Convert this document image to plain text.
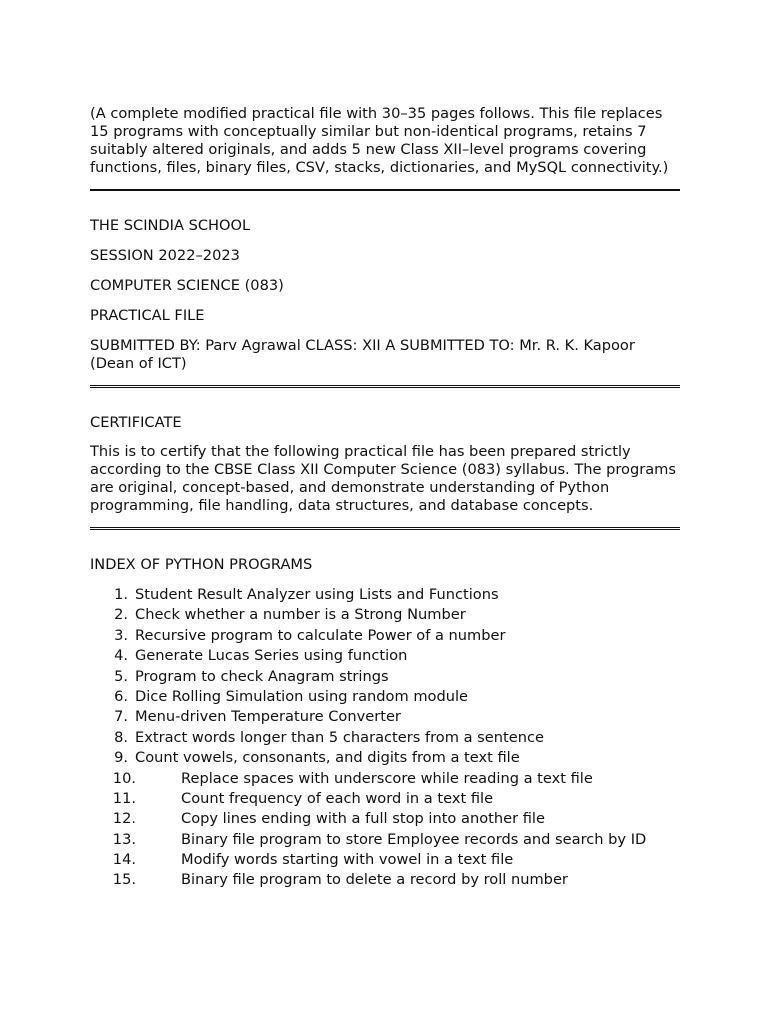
(A complete modified practical file with 30–35 pages follows. This file replaces 15 programs with conceptually similar but non-identical programs, retains 7 suitably altered originals, and adds 5 new Class XII–level programs covering functions, files, binary files, CSV, stacks, dictionaries, and MySQL connectivity.)

THE SCINDIA SCHOOL

SESSION 2022–2023

COMPUTER SCIENCE (083)

PRACTICAL FILE

SUBMITTED BY: Parv Agrawal CLASS: XII A SUBMITTED TO: Mr. R. K. Kapoor (Dean of ICT)

CERTIFICATE

This is to certify that the following practical file has been prepared strictly according to the CBSE Class XII Computer Science (083) syllabus. The programs are original, concept-based, and demonstrate understanding of Python programming, file handling, data structures, and database concepts.

INDEX OF PYTHON PROGRAMS

1. Student Result Analyzer using Lists and Functions
2. Check whether a number is a Strong Number
3. Recursive program to calculate Power of a number
4. Generate Lucas Series using function
5. Program to check Anagram strings
6. Dice Rolling Simulation using random module
7. Menu-driven Temperature Converter
8. Extract words longer than 5 characters from a sentence
9. Count vowels, consonants, and digits from a text file
10.	Replace spaces with underscore while reading a text file
11.	Count frequency of each word in a text file
12.	Copy lines ending with a full stop into another file
13.	Binary file program to store Employee records and search by ID
14.	Modify words starting with vowel in a text file
15.	Binary file program to delete a record by roll number
